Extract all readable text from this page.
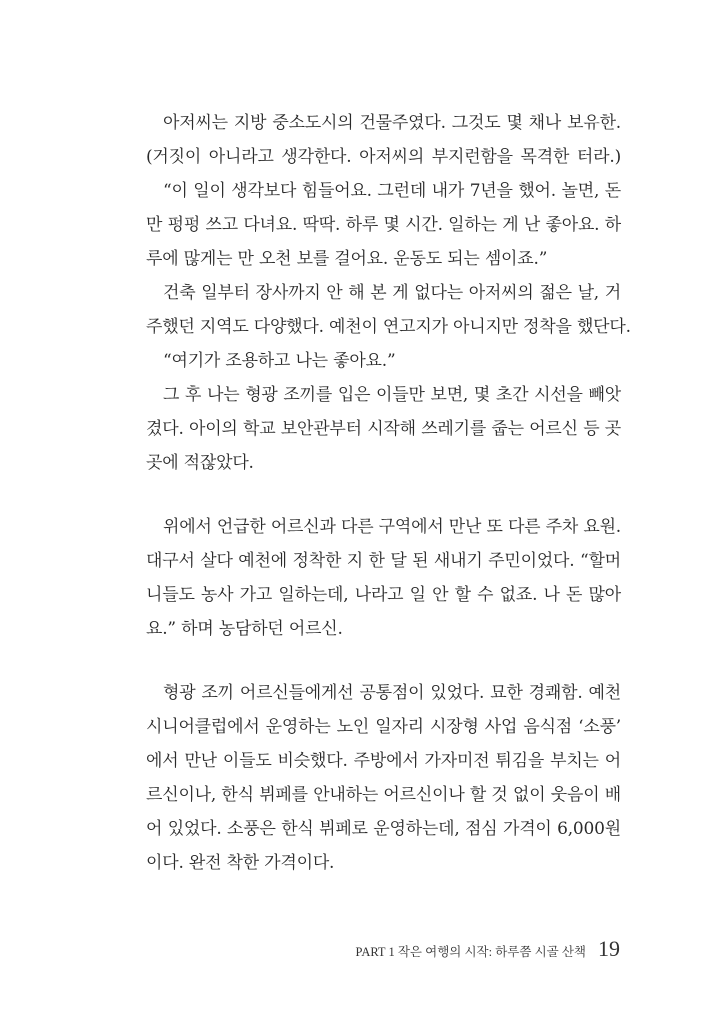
아저씨는 지방 중소도시의 건물주였다. 그것도 몇 채나 보유한.
(거짓이 아니라고 생각한다. 아저씨의 부지런함을 목격한 터라.)
“이 일이 생각보다 힘들어요. 그런데 내가 7년을 했어. 놀면, 돈
만 펑펑 쓰고 다녀요. 딱딱. 하루 몇 시간. 일하는 게 난 좋아요. 하
루에 많게는 만 오천 보를 걸어요. 운동도 되는 셈이죠.”
건축 일부터 장사까지 안 해 본 게 없다는 아저씨의 젊은 날, 거
주했던 지역도 다양했다. 예천이 연고지가 아니지만 정착을 했단다.
“여기가 조용하고 나는 좋아요.”
그 후 나는 형광 조끼를 입은 이들만 보면, 몇 초간 시선을 빼앗
겼다. 아이의 학교 보안관부터 시작해 쓰레기를 줍는 어르신 등 곳
곳에 적잖았다.
위에서 언급한 어르신과 다른 구역에서 만난 또 다른 주차 요원.
대구서 살다 예천에 정착한 지 한 달 된 새내기 주민이었다. “할머
니들도 농사 가고 일하는데, 나라고 일 안 할 수 없죠. 나 돈 많아
요.” 하며 농담하던 어르신.
형광 조끼 어르신들에게선 공통점이 있었다. 묘한 경쾌함. 예천
시니어클럽에서 운영하는 노인 일자리 시장형 사업 음식점 ‘소풍’
에서 만난 이들도 비슷했다. 주방에서 가자미전 튀김을 부치는 어
르신이나, 한식 뷔페를 안내하는 어르신이나 할 것 없이 웃음이 배
어 있었다. 소풍은 한식 뷔페로 운영하는데, 점심 가격이 6,000원
이다. 완전 착한 가격이다.
PART 1 작은 여행의 시작: 하루쯤 시골 산책 19
